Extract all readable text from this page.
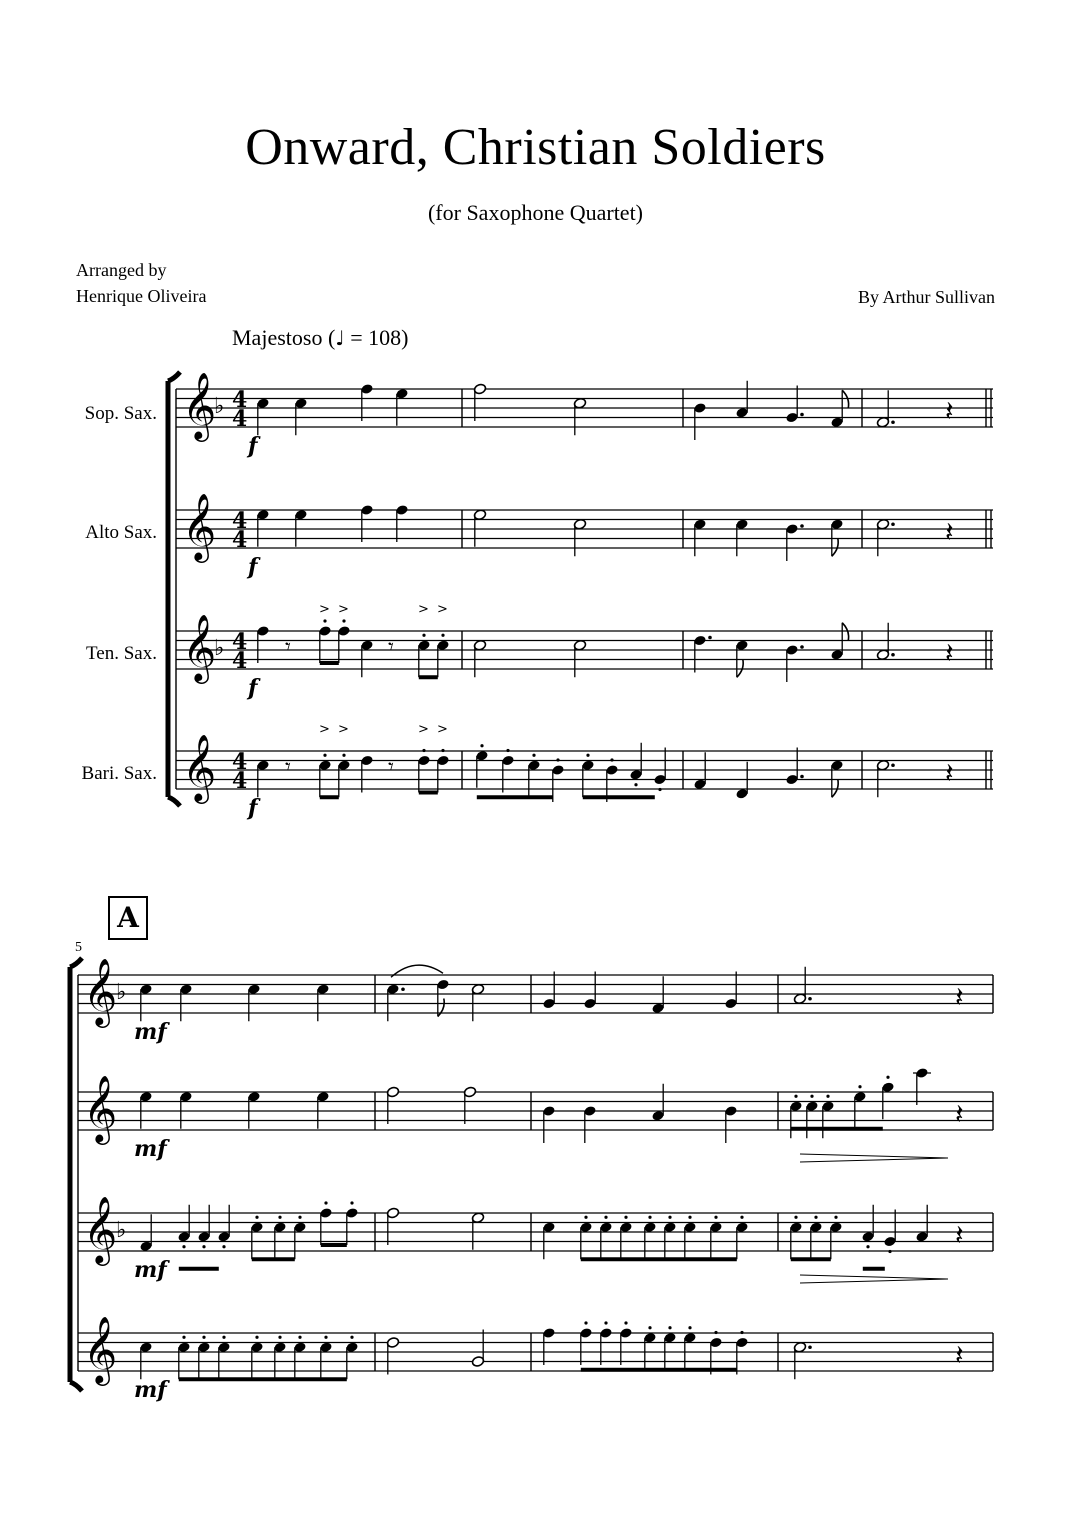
Onward, Christian Soldiers
(for Saxophone Quartet)
Arranged by
Henrique Oliveira	By Arthur Sullivan
Majestoso (♩ = 108)
Sop. Sax.
Alto Sax.
Ten. Sax.
Bari. Sax.
A
5
𝄞
♭ 4
4
f
𝄞 4
4
f
𝄞
♭ 4
4
f
𝄞 4
4
f
𝄽
𝄽
𝄾
> >
𝄾
> >
𝄽
𝄾
> >
𝄾
> >
𝄽
𝄞
♭
mf
𝄞
mf
𝄞
♭
mf
𝄞
mf
𝄽
𝄽
𝄽
𝄽
